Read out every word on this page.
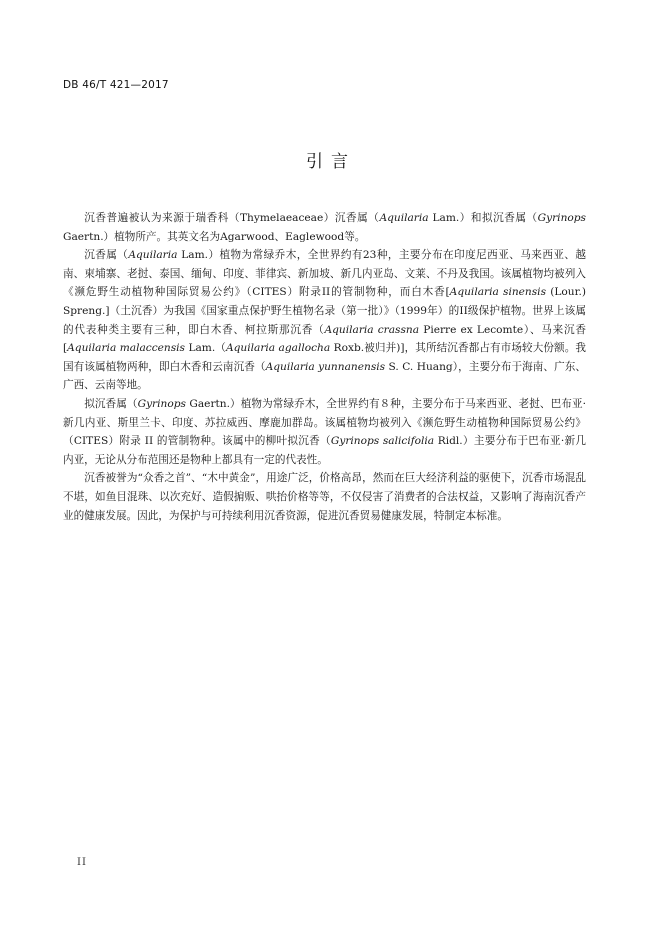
DB 46/T 421—2017
引言

沉香普遍被认为来源于瑞香科（Thymelaeaceae）沉香属（Aquilaria Lam.）和拟沉香属（Gyrinops Gaertn.）植物所产。其英文名为Agarwood、Eaglewood等。

沉香属（Aquilaria Lam.）植物为常绿乔木，全世界约有23种，主要分布在印度尼西亚、马来西亚、越南、柬埔寨、老挝、泰国、缅甸、印度、菲律宾、新加坡、新几内亚岛、文莱、不丹及我国。该属植物均被列入《濒危野生动植物种国际贸易公约》（CITES）附录II的管制物种，而白木香[Aquilaria sinensis (Lour.) Spreng.]（土沉香）为我国《国家重点保护野生植物名录（第一批）》（1999年）的II级保护植物。世界上该属的代表种类主要有三种，即白木香、柯拉斯那沉香（Aquilaria crassna Pierre ex Lecomte）、马来沉香[Aquilaria malaccensis Lam.（Aquilaria agallocha Roxb.被归并)]，其所结沉香都占有市场较大份额。我国有该属植物两种，即白木香和云南沉香（Aquilaria yunnanensis S. C. Huang），主要分布于海南、广东、广西、云南等地。

拟沉香属（Gyrinops Gaertn.）植物为常绿乔木，全世界约有８种，主要分布于马来西亚、老挝、巴布亚·新几内亚、斯里兰卡、印度、苏拉威西、摩鹿加群岛。该属植物均被列入《濒危野生动植物种国际贸易公约》（CITES）附录 II 的管制物种。该属中的柳叶拟沉香（Gyrinops salicifolia Ridl.）主要分布于巴布亚·新几内亚，无论从分布范围还是物种上都具有一定的代表性。

沉香被誉为“众香之首”、“木中黄金”，用途广泛，价格高昂，然而在巨大经济利益的驱使下，沉香市场混乱不堪，如鱼目混珠、以次充好、造假掮贩、哄抬价格等等，不仅侵害了消费者的合法权益，又影响了海南沉香产业的健康发展。因此，为保护与可持续利用沉香资源，促进沉香贸易健康发展，特制定本标准。

II
